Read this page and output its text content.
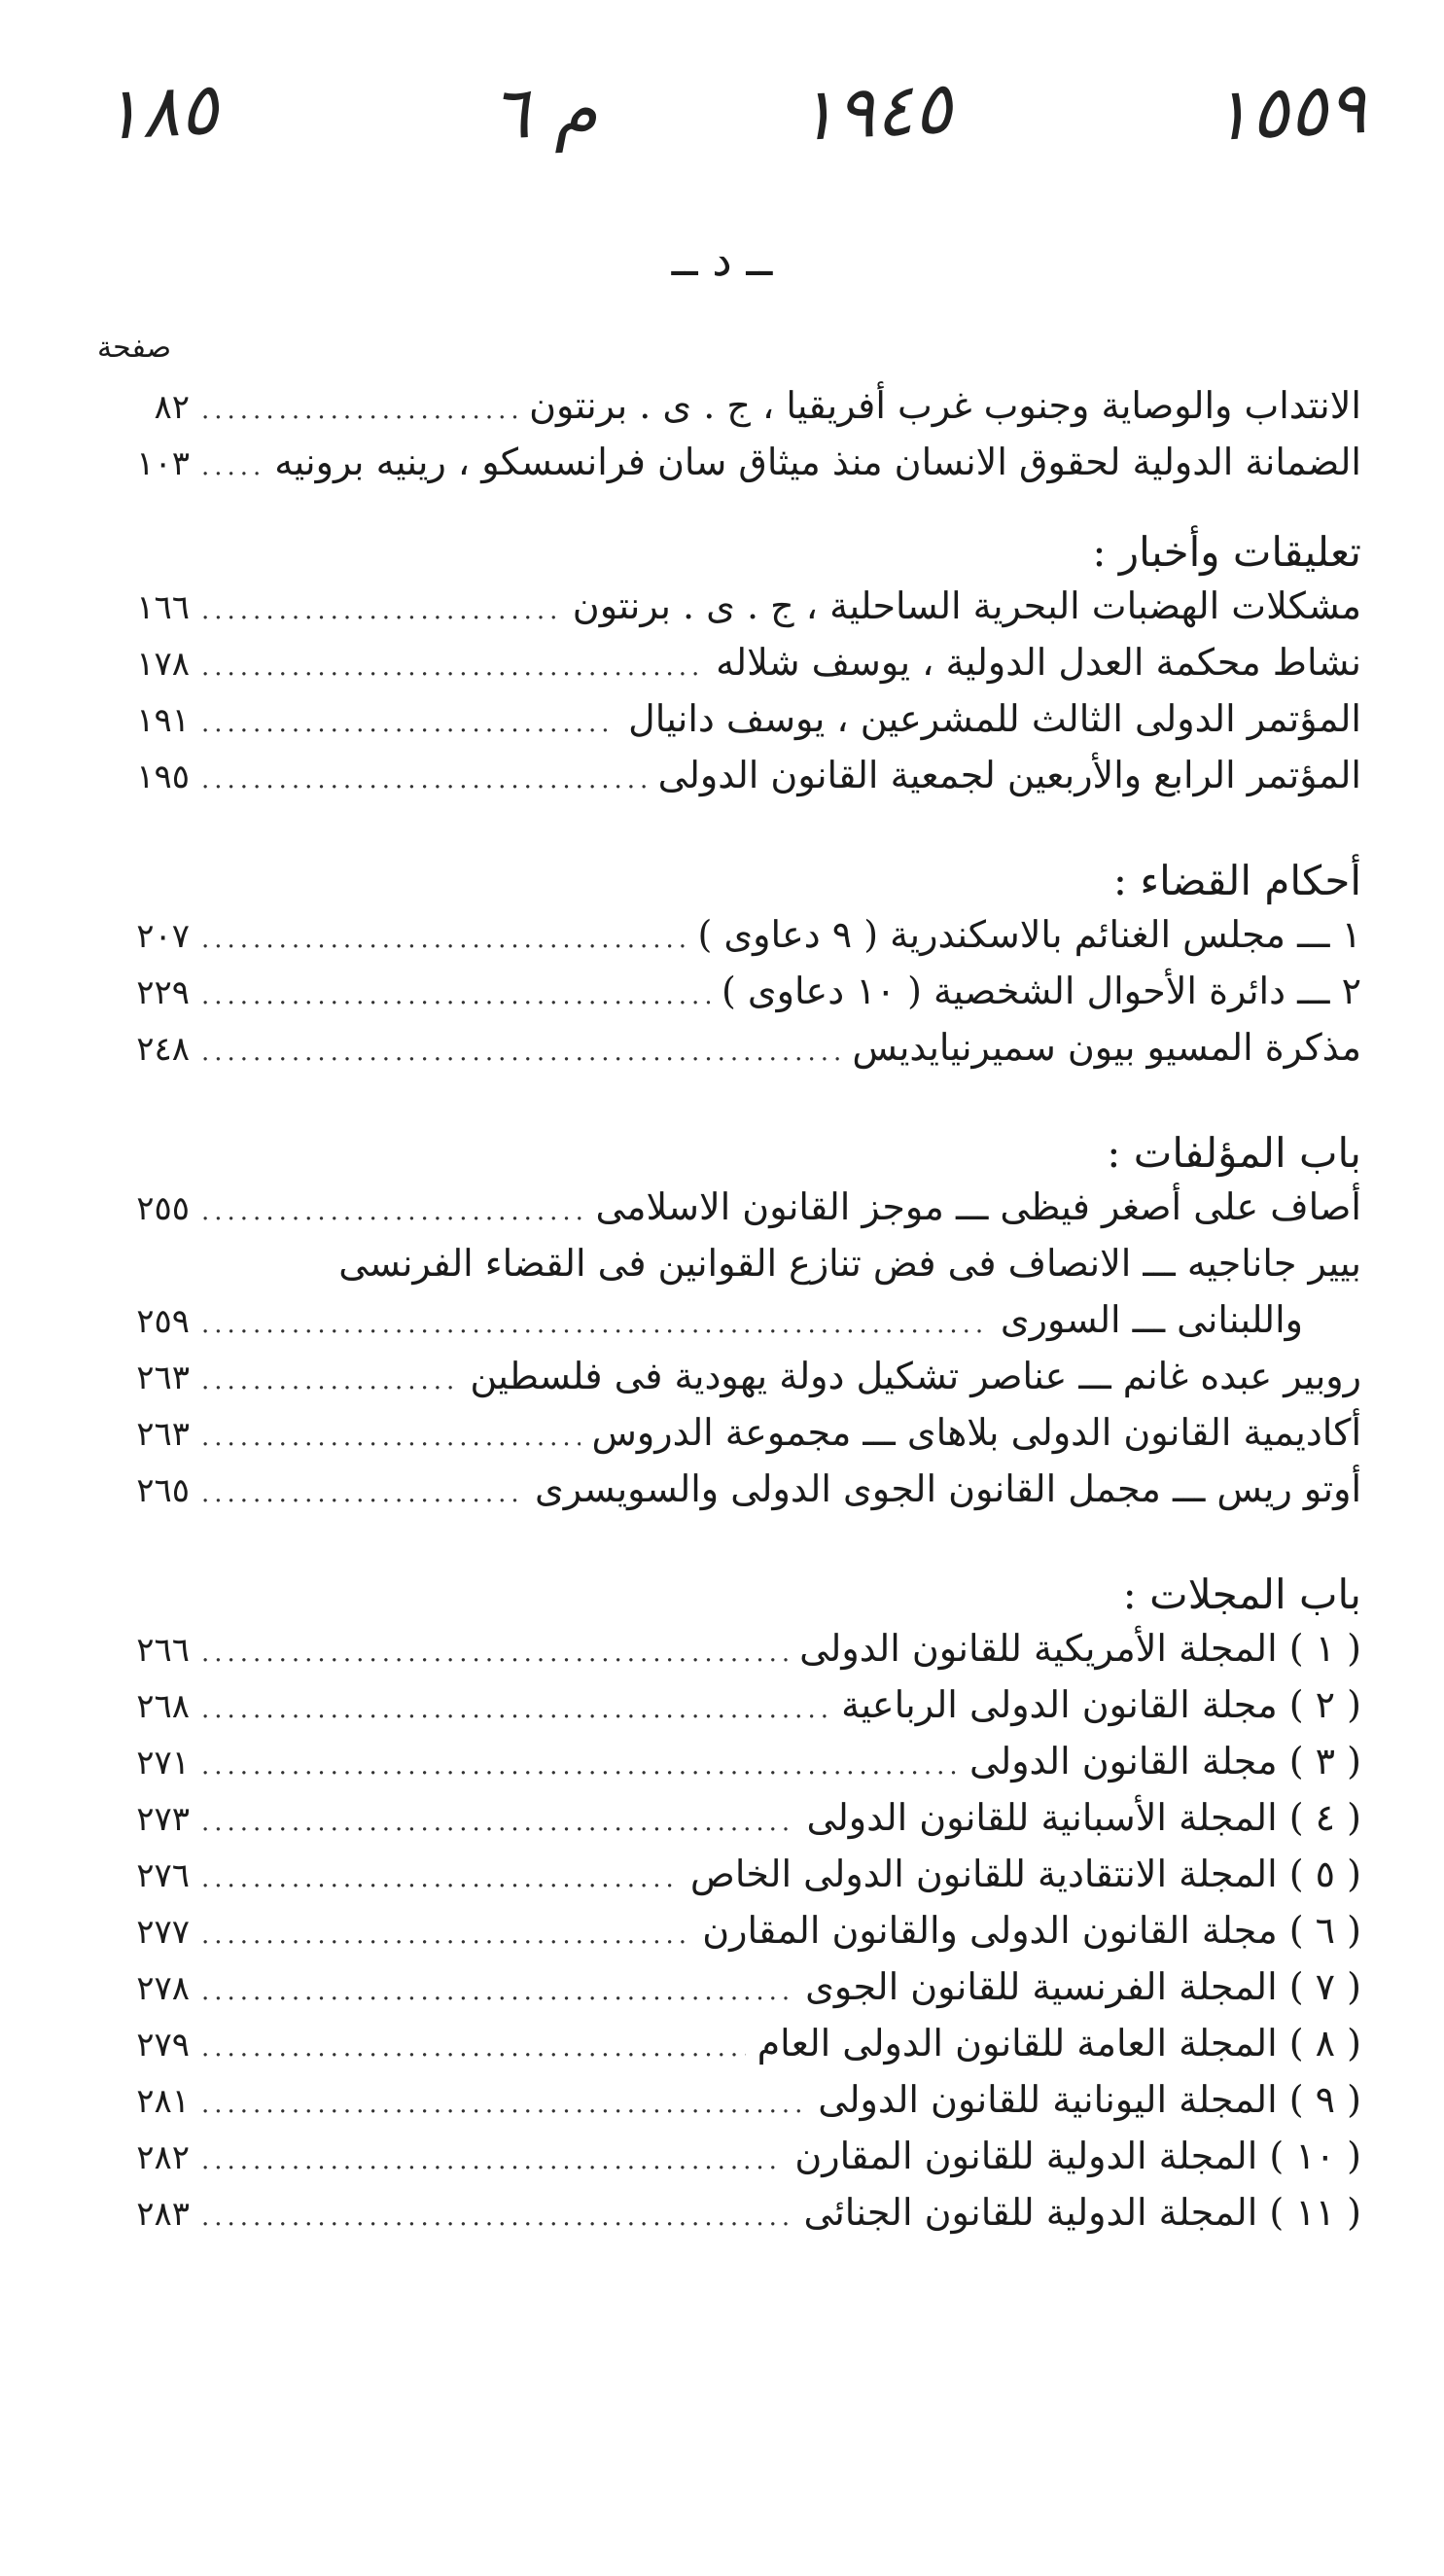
١٥٥٩
١٩٤٥
م ٦
١٨٥
ــ د ــ
صفحة
٨٢ .....	الانتداب والوصاية وجنوب غرب أفريقيا ، ج . ى . برنتون
١٠٣ ..... الضمانة الدولية لحقوق الانسان منذ ميثاق سان فرانسسكو ، رينيه برونيه
تعليقات وأخبار :
١٦٦ .....	مشكلات الهضبات البحرية الساحلية ، ج . ى . برنتون
١٧٨ .....	نشاط محكمة العدل الدولية ، يوسف شلاله
١٩١ .....	المؤتمر الدولى الثالث للمشرعين ، يوسف دانيال
١٩٥ .....	المؤتمر الرابع والأربعين لجمعية القانون الدولى
أحكام القضاء :
٢٠٧ .....	١ ـــ مجلس الغنائم بالاسكندرية ( ٩ دعاوى )
٢٢٩ .....	٢ ـــ دائرة الأحوال الشخصية ( ١٠ دعاوى )
٢٤٨ .....	مذكرة المسيو بيون سميرنيايديس
باب المؤلفات :
٢٥٥ .....	أصاف على أصغر فيظى ـــ موجز القانون الاسلامى
بيير جاناجيه ـــ الانصاف فى فض تنازع القوانين فى القضاء الفرنسى
٢٥٩ .....	واللبنانى ـــ السورى
٢٦٣ .....	روبير عبده غانم ـــ عناصر تشكيل دولة يهودية فى فلسطين
٢٦٣ .....	أكاديمية القانون الدولى بلاهاى ـــ مجموعة الدروس
٢٦٥ .....	أوتو ريس ـــ مجمل القانون الجوى الدولى والسويسرى
باب المجلات :
٢٦٦ .....	( ١ ) المجلة الأمريكية للقانون الدولى
٢٦٨ .....	( ٢ ) مجلة القانون الدولى الرباعية
٢٧١ .....	( ٣ ) مجلة القانون الدولى
٢٧٣ .....	( ٤ ) المجلة الأسبانية للقانون الدولى
٢٧٦ .....	( ٥ ) المجلة الانتقادية للقانون الدولى الخاص
٢٧٧ .....	( ٦ ) مجلة القانون الدولى والقانون المقارن
٢٧٨ .....	( ٧ ) المجلة الفرنسية للقانون الجوى
٢٧٩ .....	( ٨ ) المجلة العامة للقانون الدولى العام
٢٨١ .....	( ٩ ) المجلة اليونانية للقانون الدولى
٢٨٢ .....	( ١٠ ) المجلة الدولية للقانون المقارن
٢٨٣ .....	( ١١ ) المجلة الدولية للقانون الجنائى
